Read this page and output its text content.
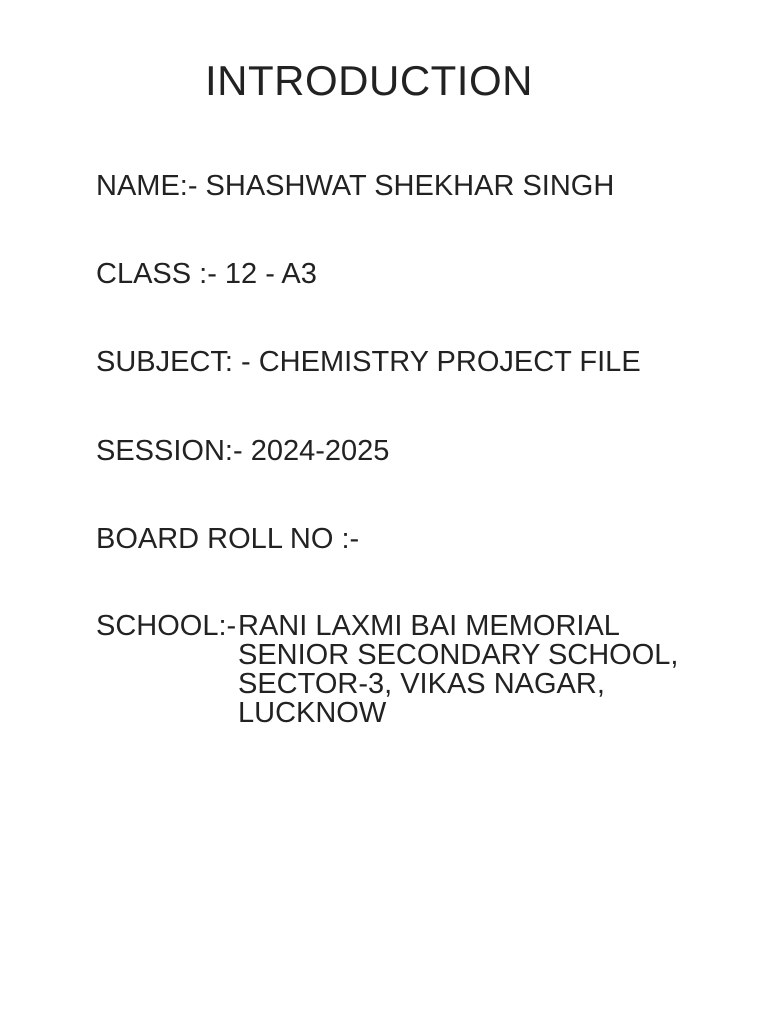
INTRODUCTION
NAME:- SHASHWAT SHEKHAR SINGH
CLASS :- 12 - A3
SUBJECT: - CHEMISTRY PROJECT FILE
SESSION:- 2024-2025
BOARD ROLL NO :-
SCHOOL:- RANI LAXMI BAI MEMORIAL
SENIOR SECONDARY SCHOOL,
SECTOR-3, VIKAS NAGAR,
LUCKNOW
